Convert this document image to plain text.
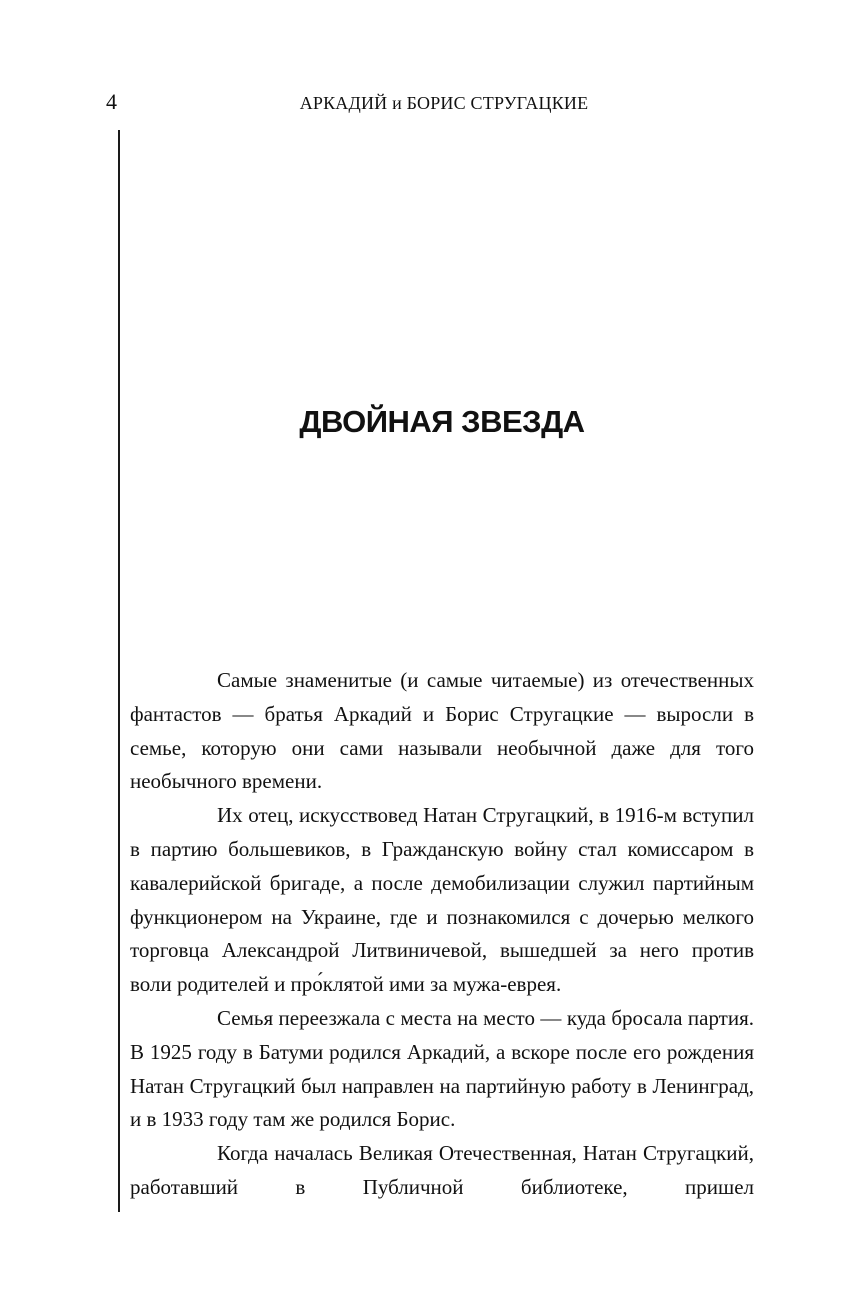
4	АРКАДИЙ и БОРИС СТРУГАЦКИЕ
ДВОЙНАЯ ЗВЕЗДА

Самые знаменитые (и самые читаемые) из отечественных фантастов — братья Аркадий и Борис Стругацкие — выросли в семье, которую они сами называли необычной даже для того необычного времени.

Их отец, искусствовед Натан Стругацкий, в 1916-м вступил в партию большевиков, в Гражданскую войну стал комиссаром в кавалерийской бригаде, а после демобилизации служил партийным функционером на Украине, где и познакомился с дочерью мелкого торговца Александрой Литвиничевой, вышедшей за него против воли родителей и про́клятой ими за мужа-еврея.

Семья переезжала с места на место — куда бросала партия. В 1925 году в Батуми родился Аркадий, а вскоре после его рождения Натан Стругацкий был направлен на партийную работу в Ленинград, и в 1933 году там же родился Борис.

Когда началась Великая Отечественная, Натан Стругацкий, работавший в Публичной библиотеке, пришел
